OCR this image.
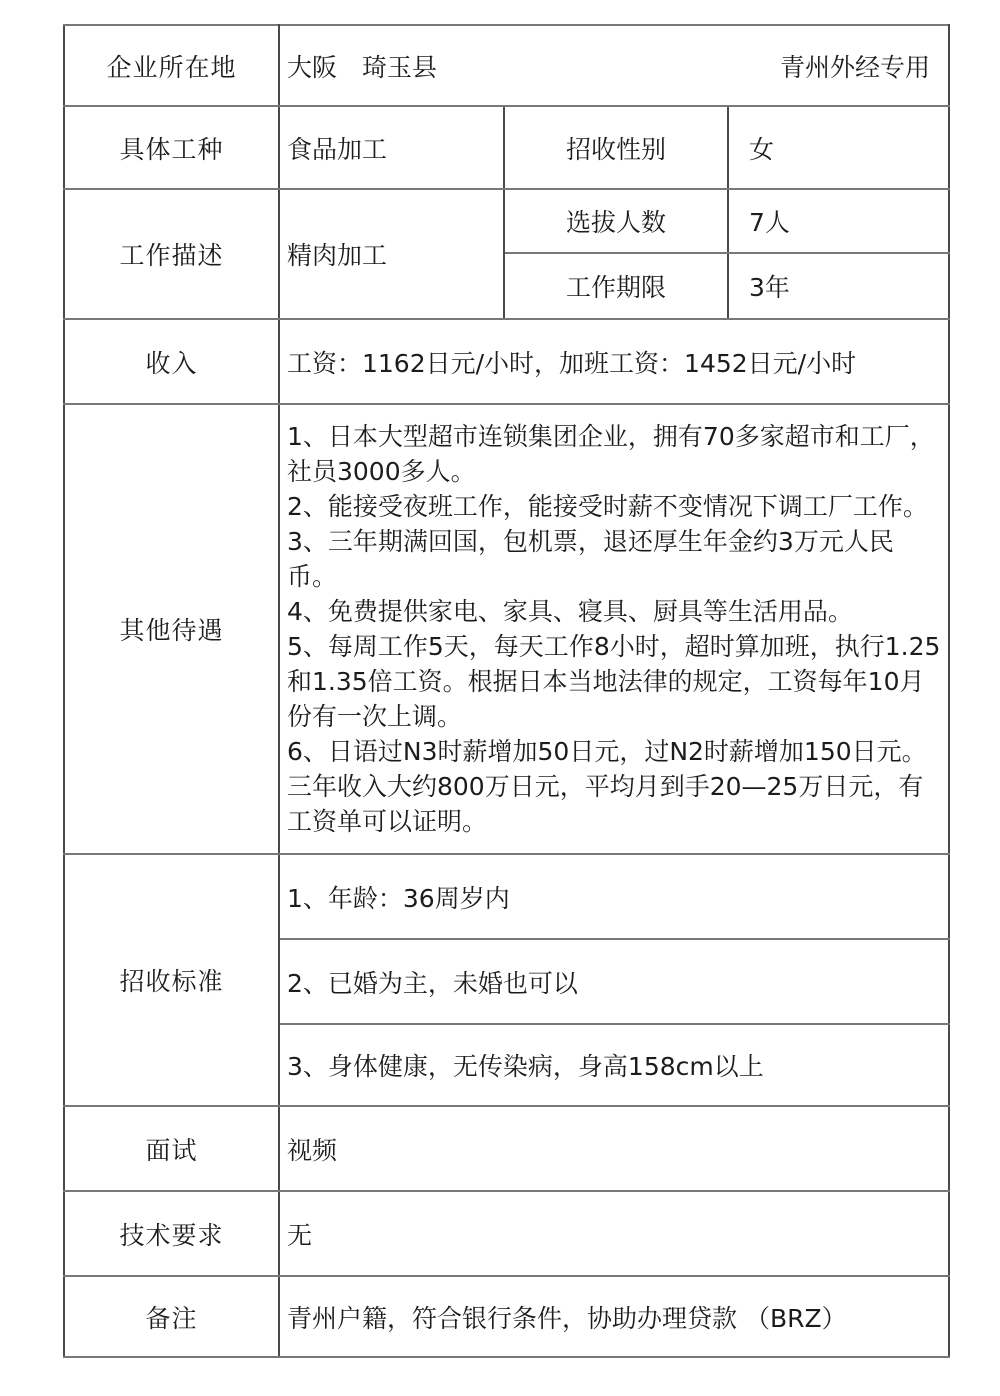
企业所在地	大阪　琦玉县 青州外经专用		

具体工种	食品加工	招收性别	女
工作描述	精肉加工	选拔人数	7人
		工作期限	3年
收入	工资：1162日元/小时，加班工资：1452日元/小时		
其他待遇	
1、日本大型超市连锁集团企业，拥有70多家超市和工厂，社员3000多人。
2、能接受夜班工作，能接受时薪不变情况下调工厂工作。
3、三年期满回国，包机票，退还厚生年金约3万元人民币。
4、免费提供家电、家具、寝具、厨具等生活用品。
5、每周工作5天，每天工作8小时，超时算加班，执行1.25和1.35倍工资。根据日本当地法律的规定，工资每年10月份有一次上调。
6、日语过N3时薪增加50日元，过N2时薪增加150日元。三年收入大约800万日元，平均月到手20—25万日元，有工资单可以证明。

招收标准	1、年龄：36周岁内		
	2、已婚为主，未婚也可以		
	3、身体健康，无传染病，身高158cm以上		
面试	视频		
技术要求	无		
备注	青州户籍，符合银行条件，协助办理贷款 （BRZ）		
